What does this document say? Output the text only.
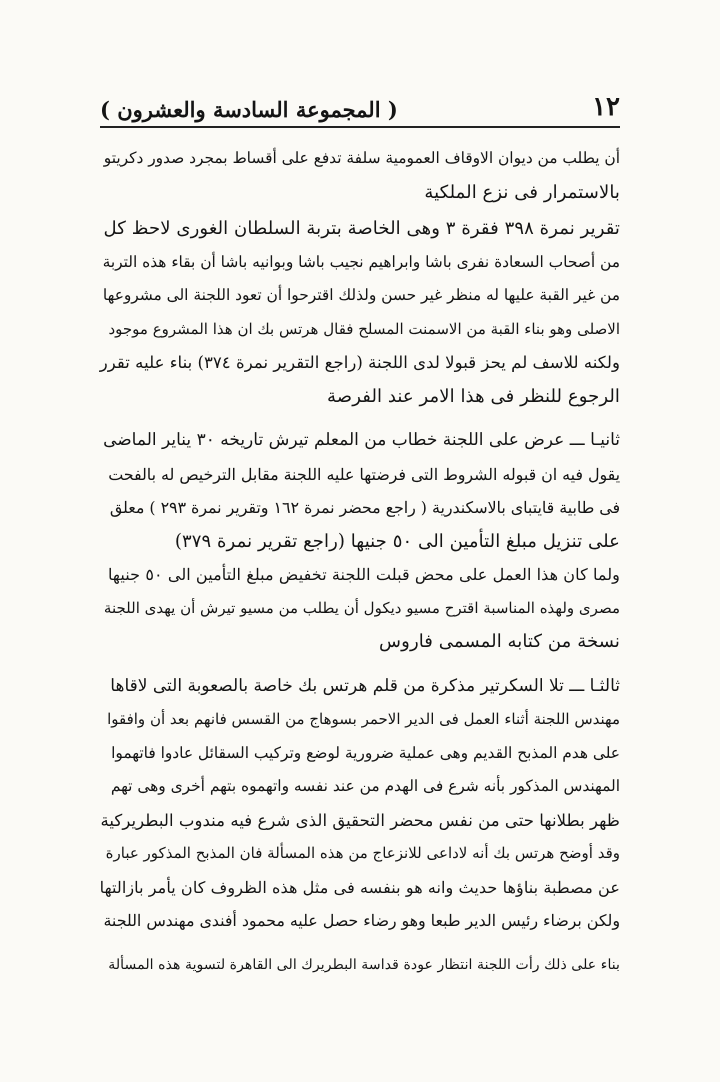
١٢
( المجموعة السادسة والعشرون )

أن يطلب من ديوان الاوقاف العمومية سلفة تدفع على أقساط بمجرد صدور دكريتو
بالاستمرار فى نزع الملكية

تقرير نمرة ٣٩٨ فقرة ٣ وهى الخاصة بتربة السلطان الغورى لاحظ كل
من أصحاب السعادة نفرى باشا وابراهيم نجيب باشا وبوانيه باشا أن بقاء هذه التربة
من غير القبة عليها له منظر غير حسن ولذلك اقترحوا أن تعود اللجنة الى مشروعها
الاصلى وهو بناء القبة من الاسمنت المسلح فقال هرتس بك ان هذا المشروع موجود
ولكنه للاسف لم يحز قبولا لدى اللجنة (راجع التقرير نمرة ٣٧٤) بناء عليه تقرر
الرجوع للنظر فى هذا الامر عند الفرصة

ثانيـا ـــ عرض على اللجنة خطاب من المعلم تيرش تاريخه ٣٠ يناير الماضى
يقول فيه ان قبوله الشروط التى فرضتها عليه اللجنة مقابل الترخيص له بالفحت
فى طابية قايتباى بالاسكندرية ( راجع محضر نمرة ١٦٢ وتقرير نمرة ٢٩٣ ) معلق
على تنزيل مبلغ التأمين الى ٥٠ جنيها (راجع تقرير نمرة ٣٧٩)
ولما كان هذا العمل على محض قبلت اللجنة تخفيض مبلغ التأمين الى ٥٠ جنيها
مصرى ولهذه المناسبة اقترح مسيو ديكول أن يطلب من مسيو تيرش أن يهدى اللجنة
نسخة من كتابه المسمى فاروس

ثالثـا ـــ تلا السكرتير مذكرة من قلم هرتس بك خاصة بالصعوبة التى لاقاها
مهندس اللجنة أثناء العمل فى الدير الاحمر بسوهاج من القسس فانهم بعد أن وافقوا
على هدم المذبح القديم وهى عملية ضرورية لوضع وتركيب السقائل عادوا فاتهموا
المهندس المذكور بأنه شرع فى الهدم من عند نفسه واتهموه بتهم أخرى وهى تهم
ظهر بطلانها حتى من نفس محضر التحقيق الذى شرع فيه مندوب البطريركية
وقد أوضح هرتس بك أنه لاداعى للانزعاج من هذه المسألة فان المذبح المذكور عبارة
عن مصطبة بناؤها حديث وانه هو بنفسه فى مثل هذه الظروف كان يأمر بازالتها
ولكن برضاء رئيس الدير طبعا وهو رضاء حصل عليه محمود أفندى مهندس اللجنة

بناء على ذلك رأت اللجنة انتظار عودة قداسة البطريرك الى القاهرة لتسوية هذه المسألة
